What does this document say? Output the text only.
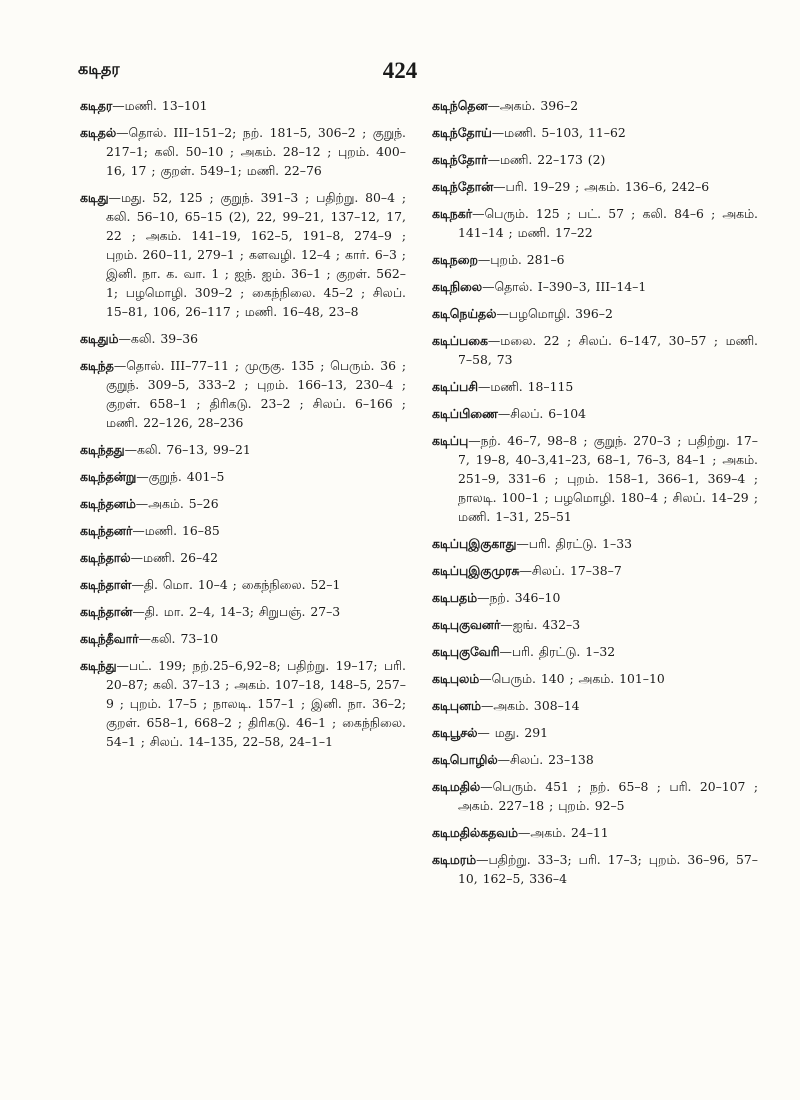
கடிதர	424
கடிதர—மணி. 13–101
கடிதல்—தொல். III–151–2; நற். 181–5, 306–2 ; குறுந். 217–1; கலி. 50–10 ; அகம். 28–12 ; புறம். 400–16, 17 ; குறள். 549–1; மணி. 22–76
கடிது—மது. 52, 125 ; குறுந். 391–3 ; பதிற்று. 80–4 ; கலி. 56–10, 65–15 (2), 22, 99–21, 137–12, 17, 22 ; அகம். 141–19, 162–5, 191–8, 274–9 ; புறம். 260–11, 279–1 ; களவழி. 12–4 ; கார். 6–3 ; இனி. நா. க. வா. 1 ; ஐந். ஐம். 36–1 ; குறள். 562–1; பழமொழி. 309–2 ; கைந்நிலை. 45–2 ; சிலப். 15–81, 106, 26–117 ; மணி. 16–48, 23–8
கடிதும்—கலி. 39–36
கடிந்த—தொல். III–77–11 ; முருகு. 135 ; பெரும். 36 ; குறுந். 309–5, 333–2 ; புறம். 166–13, 230–4 ; குறள். 658–1 ; திரிகடு. 23–2 ; சிலப். 6–166 ; மணி. 22–126, 28–236
கடிந்தது—கலி. 76–13, 99–21
கடிந்தன்று—குறுந். 401–5
கடிந்தனம்—அகம். 5–26
கடிந்தனர்—மணி. 16–85
கடிந்தால்—மணி. 26–42
கடிந்தாள்—தி. மொ. 10–4 ; கைந்நிலை. 52–1
கடிந்தான்—தி. மா. 2–4, 14–3; சிறுபஞ். 27–3
கடிந்தீவார்—கலி. 73–10
கடிந்து—பட். 199; நற்.25–6,92–8; பதிற்று. 19–17; பரி. 20–87; கலி. 37–13 ; அகம். 107–18, 148–5, 257–9 ; புறம். 17–5 ; நாலடி. 157–1 ; இனி. நா. 36–2; குறள். 658–1, 668–2 ; திரிகடு. 46–1 ; கைந்நிலை. 54–1 ; சிலப். 14–135, 22–58, 24–1–1
கடிந்தென—அகம். 396–2
கடிந்தோய்—மணி. 5–103, 11–62
கடிந்தோர்—மணி. 22–173 (2)
கடிந்தோன்—பரி. 19–29 ; அகம். 136–6, 242–6
கடிநகர்—பெரும். 125 ; பட். 57 ; கலி. 84–6 ; அகம். 141–14 ; மணி. 17–22
கடிநறை—புறம். 281–6
கடிநிலை—தொல். I–390–3, III–14–1
கடிநெய்தல்—பழமொழி. 396–2
கடிப்பகை—மலை. 22 ; சிலப். 6–147, 30–57 ; மணி. 7–58, 73
கடிப்பசி—மணி. 18–115
கடிப்பிணை—சிலப். 6–104
கடிப்பு—நற். 46–7, 98–8 ; குறுந். 270–3 ; பதிற்று. 17–7, 19–8, 40–3,41–23, 68–1, 76–3, 84–1 ; அகம். 251–9, 331–6 ; புறம். 158–1, 366–1, 369–4 ; நாலடி. 100–1 ; பழமொழி. 180–4 ; சிலப். 14–29 ; மணி. 1–31, 25–51
கடிப்புஇகுகாது—பரி. திரட்டு. 1–33
கடிப்புஇகுமுரசு—சிலப். 17–38–7
கடிபதம்—நற். 346–10
கடிபுகுவனர்—ஐங். 432–3
கடிபுகுவேரி—பரி. திரட்டு. 1–32
கடிபுலம்—பெரும். 140 ; அகம். 101–10
கடிபுனம்—அகம். 308–14
கடிபூசல்— மது. 291
கடிபொழில்—சிலப். 23–138
கடிமதில்—பெரும். 451 ; நற். 65–8 ; பரி. 20–107 ; அகம். 227–18 ; புறம். 92–5
கடிமதில்கதவம்—அகம். 24–11
கடிமரம்—பதிற்று. 33–3; பரி. 17–3; புறம். 36–96, 57–10, 162–5, 336–4
